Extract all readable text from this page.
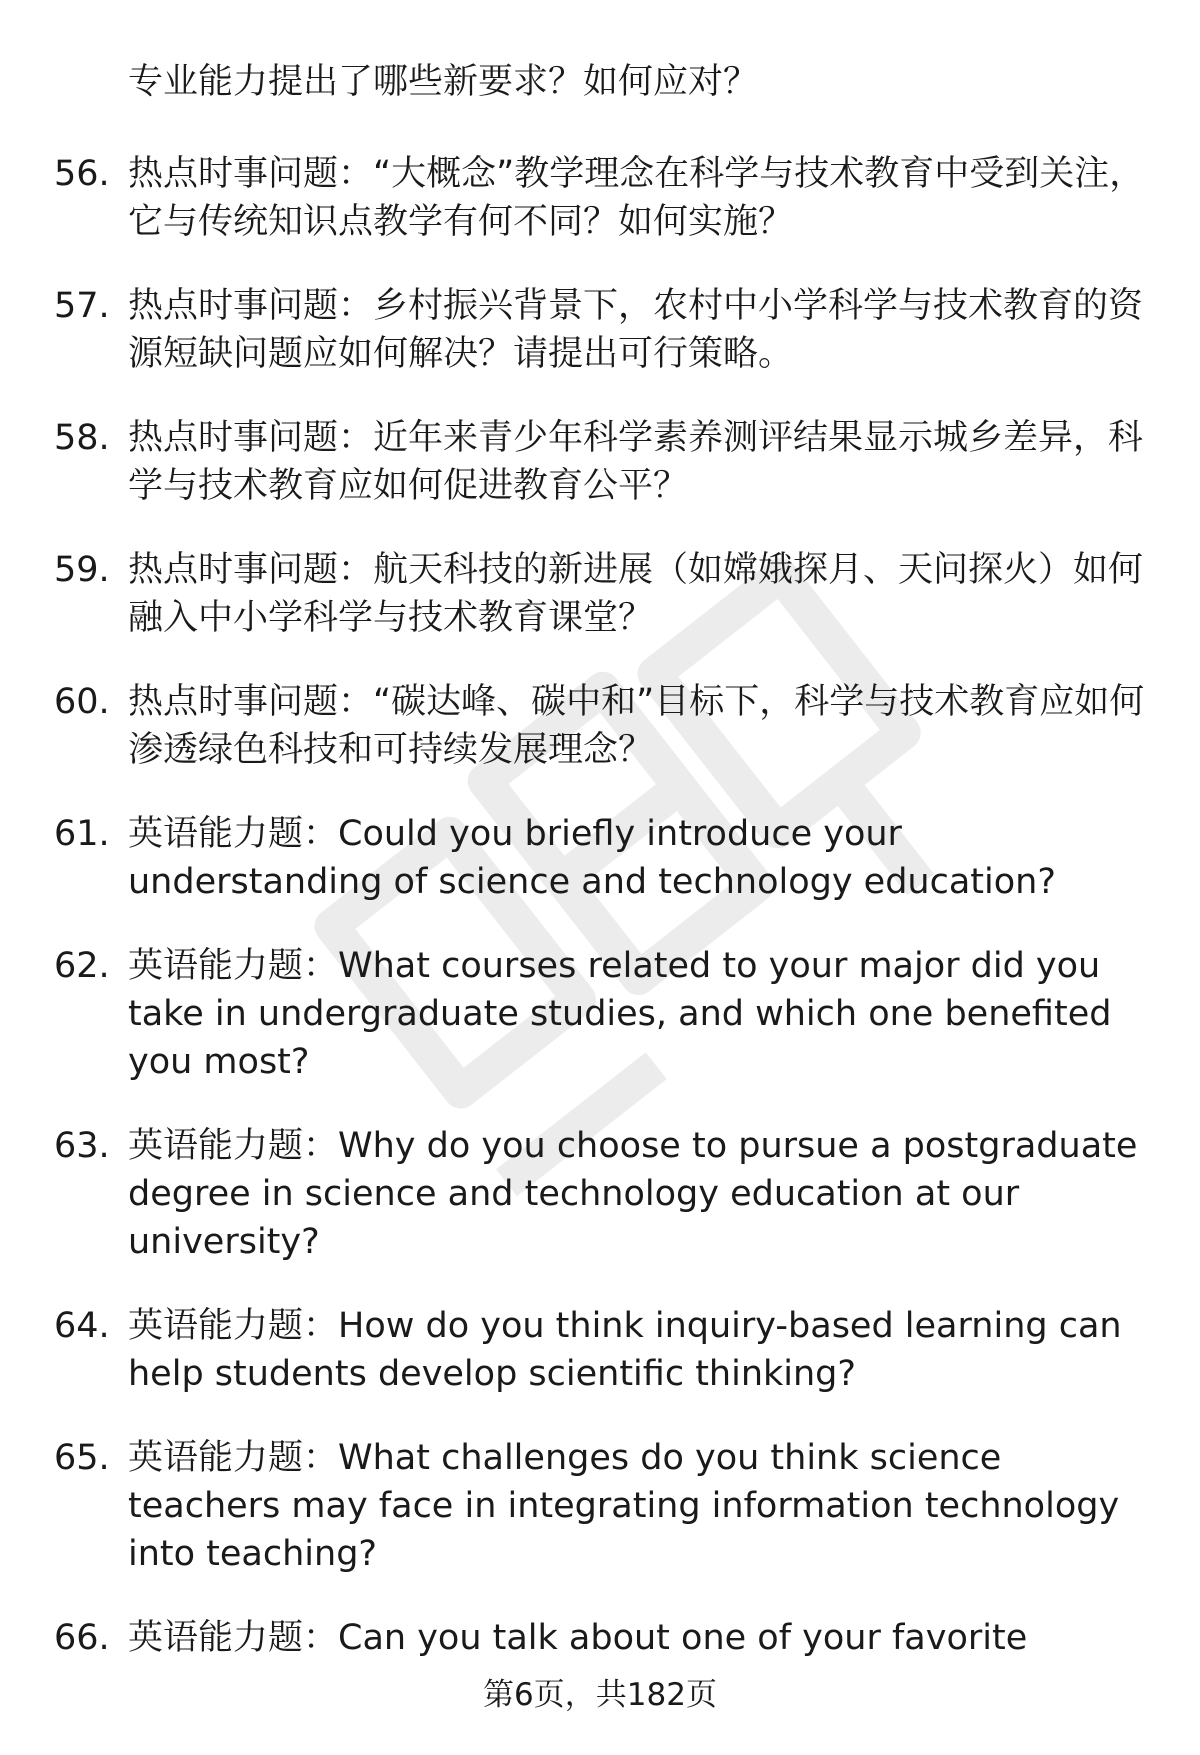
专业能力提出了哪些新要求？如何应对？
56. 热点时事问题：“大概念”教学理念在科学与技术教育中受到关注，它与传统知识点教学有何不同？如何实施？
57. 热点时事问题：乡村振兴背景下，农村中小学科学与技术教育的资源短缺问题应如何解决？请提出可行策略。
58. 热点时事问题：近年来青少年科学素养测评结果显示城乡差异，科学与技术教育应如何促进教育公平？
59. 热点时事问题：航天科技的新进展（如嫦娥探月、天问探火）如何融入中小学科学与技术教育课堂？
60. 热点时事问题：“碳达峰、碳中和”目标下，科学与技术教育应如何渗透绿色科技和可持续发展理念？
61. 英语能力题：Could you briefly introduce your understanding of science and technology education?
62. 英语能力题：What courses related to your major did you take in undergraduate studies, and which one benefited you most?
63. 英语能力题：Why do you choose to pursue a postgraduate degree in science and technology education at our university?
64. 英语能力题：How do you think inquiry-based learning can help students develop scientific thinking?
65. 英语能力题：What challenges do you think science teachers may face in integrating information technology into teaching?
66. 英语能力题：Can you talk about one of your favorite
第6页，共182页
